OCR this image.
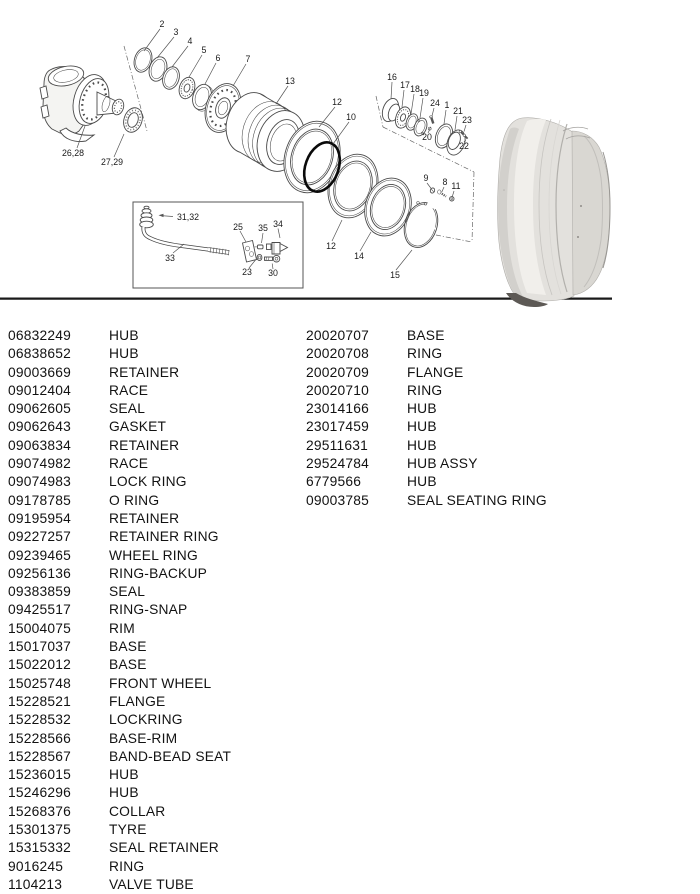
2
3
4
5
6	7
13
12
10
12
14
15
26,28
27,29
16
17 18 19
24
20
1
21
23
22
9 8 11
31,32
33
25 35 34
23 30
06832249	HUB
06838652	HUB
09003669	RETAINER
09012404	RACE
09062605	SEAL
09062643	GASKET
09063834	RETAINER
09074982	RACE
09074983	LOCK RING
09178785	O RING
09195954	RETAINER
09227257	RETAINER RING
09239465	WHEEL RING
09256136	RING-BACKUP
09383859	SEAL
09425517	RING-SNAP
15004075	RIM
15017037	BASE
15022012	BASE
15025748	FRONT WHEEL
15228521	FLANGE
15228532	LOCKRING
15228566	BASE-RIM
15228567	BAND-BEAD SEAT
15236015	HUB
15246296	HUB
15268376	COLLAR
15301375	TYRE
15315332	SEAL RETAINER
9016245	RING
1104213	VALVE TUBE
20020707	BASE
20020708	RING
20020709	FLANGE
20020710	RING
23014166	HUB
23017459	HUB
29511631	HUB
29524784	HUB ASSY
6779566	HUB
09003785	SEAL SEATING RING
